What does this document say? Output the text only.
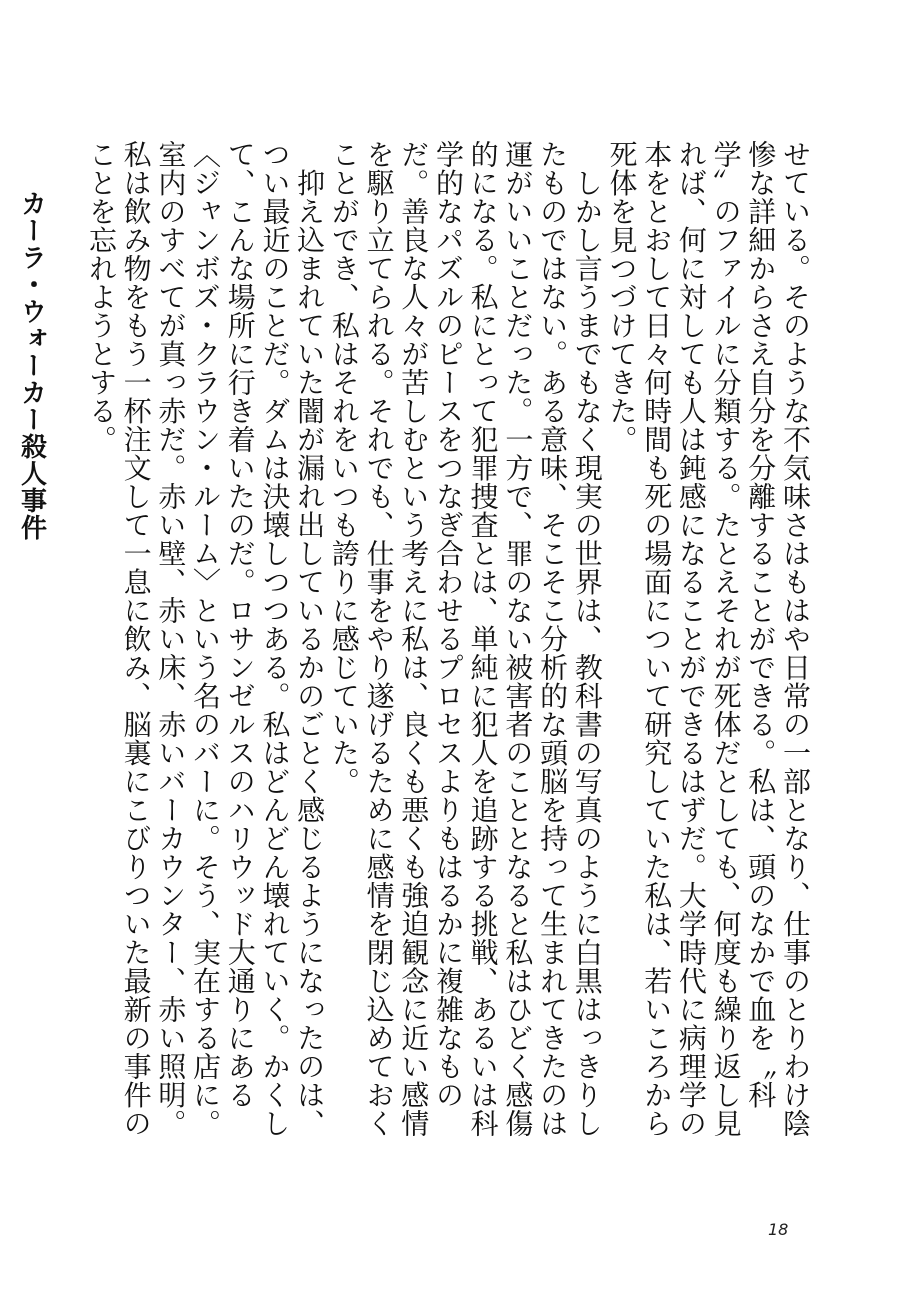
せている。そのような不気味さはもはや日常の一部となり、仕事のとりわけ陰惨な詳細からさえ自分を分離することができる。私は、頭のなかで血を〝科学〟のファイルに分類する。たとえそれが死体だとしても、何度も繰り返し見れば、何に対しても人は鈍感になることができるはずだ。大学時代に病理学の本をとおして日々何時間も死の場面について研究していた私は、若いころから死体を見つづけてきた。

　しかし言うまでもなく現実の世界は、教科書の写真のように白黒はっきりしたものではない。ある意味、そこそこ分析的な頭脳を持って生まれてきたのは運がいいことだった。一方で、罪のない被害者のこととなると私はひどく感傷的になる。私にとって犯罪捜査とは、単純に犯人を追跡する挑戦、あるいは科学的なパズルのピースをつなぎ合わせるプロセスよりもはるかに複雑なものだ。善良な人々が苦しむという考えに私は、良くも悪くも強迫観念に近い感情を駆り立てられる。それでも、仕事をやり遂げるために感情を閉じ込めておくことができ、私はそれをいつも誇りに感じていた。

　抑え込まれていた闇が漏れ出しているかのごとく感じるようになったのは、つい最近のことだ。ダムは決壊しつつある。私はどんどん壊れていく。かくして、こんな場所に行き着いたのだ。ロサンゼルスのハリウッド大通りにある〈ジャンボズ・クラウン・ルーム〉という名のバーに。そう、実在する店に。室内のすべてが真っ赤だ。赤い壁、赤い床、赤いバーカウンター、赤い照明。私は飲み物をもう一杯注文して一息に飲み、脳裏にこびりついた最新の事件のことを忘れようとする。

カーラ・ウォーカー殺人事件

18
